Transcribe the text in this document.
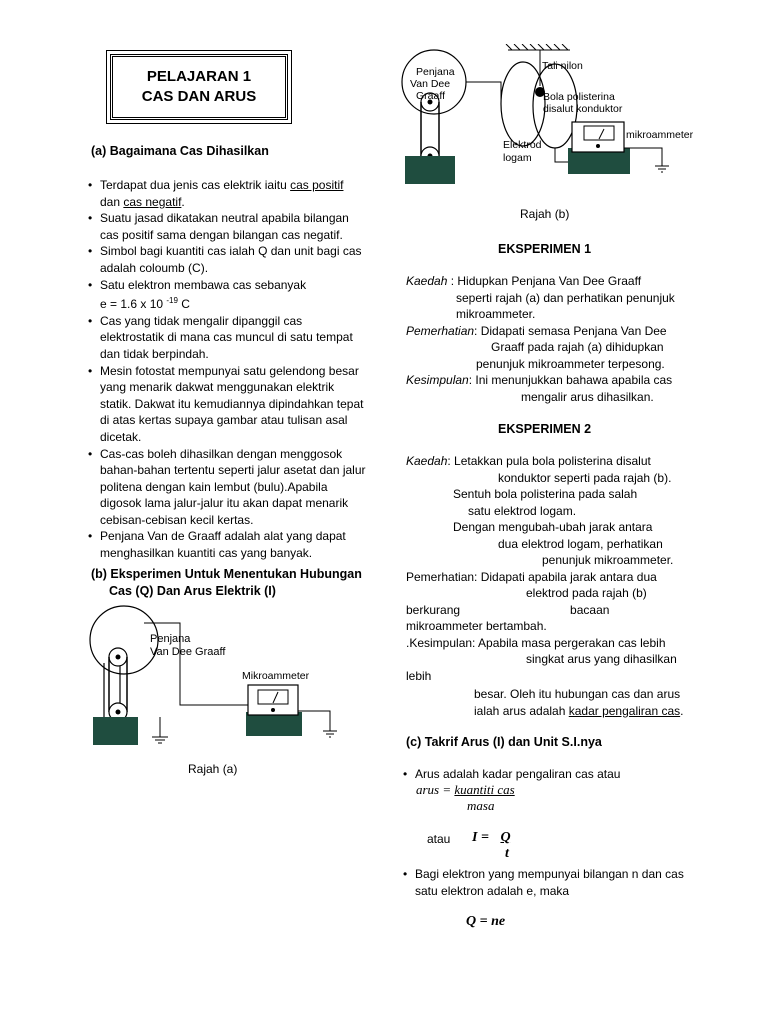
PELAJARAN 1
CAS DAN ARUS
(a) Bagaimana Cas Dihasilkan
• Terdapat dua jenis cas elektrik iaitu cas positif
dan cas negatif.
• Suatu jasad dikatakan neutral apabila bilangan cas positif sama dengan bilangan cas negatif.
• Simbol bagi kuantiti cas ialah Q dan unit bagi cas adalah coloumb (C).
• Satu elektron membawa cas sebanyak
e = 1.6 x 10 $^{-19}$ C
• Cas yang tidak mengalir dipanggil cas elektrostatik di mana cas muncul di satu tempat dan tidak berpindah.
• Mesin fotostat mempunyai satu gelendong besar yang menarik dakwat menggunakan elektrik statik. Dakwat itu kemudiannya dipindahkan tepat di atas kertas supaya gambar atau tulisan asal dicetak.
• Cas-cas boleh dihasilkan dengan menggosok bahan-bahan tertentu seperti jalur asetat dan jalur politena dengan kain lembut (bulu).Apabila digosok lama jalur-jalur itu akan dapat menarik cebisan-cebisan kecil kertas.
• Penjana Van de Graaff adalah alat yang dapat menghasilkan kuantiti cas yang banyak.
(b) Eksperimen Untuk Menentukan Hubungan
Cas (Q) Dan Arus Elektrik (I)
Penjana
Van Dee Graaff
Mikroammeter
Rajah (a)
Penjana
Van Dee
Graaff
Tali nilon
Bola polisterina
disalut konduktor
Elektrod
logam
mikroammeter
Rajah (b)
EKSPERIMEN 1
Kaedah : Hidupkan Penjana Van Dee Graaff
seperti rajah (a) dan perhatikan penunjuk
mikroammeter.
Pemerhatian: Didapati semasa Penjana Van Dee
Graaff pada rajah (a) dihidupkan
penunjuk mikroammeter terpesong.
Kesimpulan: Ini menunjukkan bahawa apabila cas
mengalir arus dihasilkan.
EKSPERIMEN 2
Kaedah: Letakkan pula bola polisterina disalut
konduktor seperti pada rajah (b).
Sentuh bola polisterina pada salah
satu elektrod logam.
Dengan mengubah-ubah jarak antara
dua elektrod logam, perhatikan
penunjuk mikroammeter.
Pemerhatian: Didapati apabila jarak antara dua
elektrod pada rajah (b)
berkurang	bacaan
mikroammeter bertambah.
.Kesimpulan: Apabila masa pergerakan cas lebih
singkat arus yang dihasilkan
lebih
besar. Oleh itu hubungan cas dan arus
ialah arus adalah kadar pengaliran cas.
(c) Takrif Arus (I) dan Unit S.I.nya
• Arus adalah kadar pengaliran cas atau
arus = kuantiti cas
masa
atau I = Q
t
• Bagi elektron yang mempunyai bilangan n dan cas satu elektron adalah e, maka
Q = ne
